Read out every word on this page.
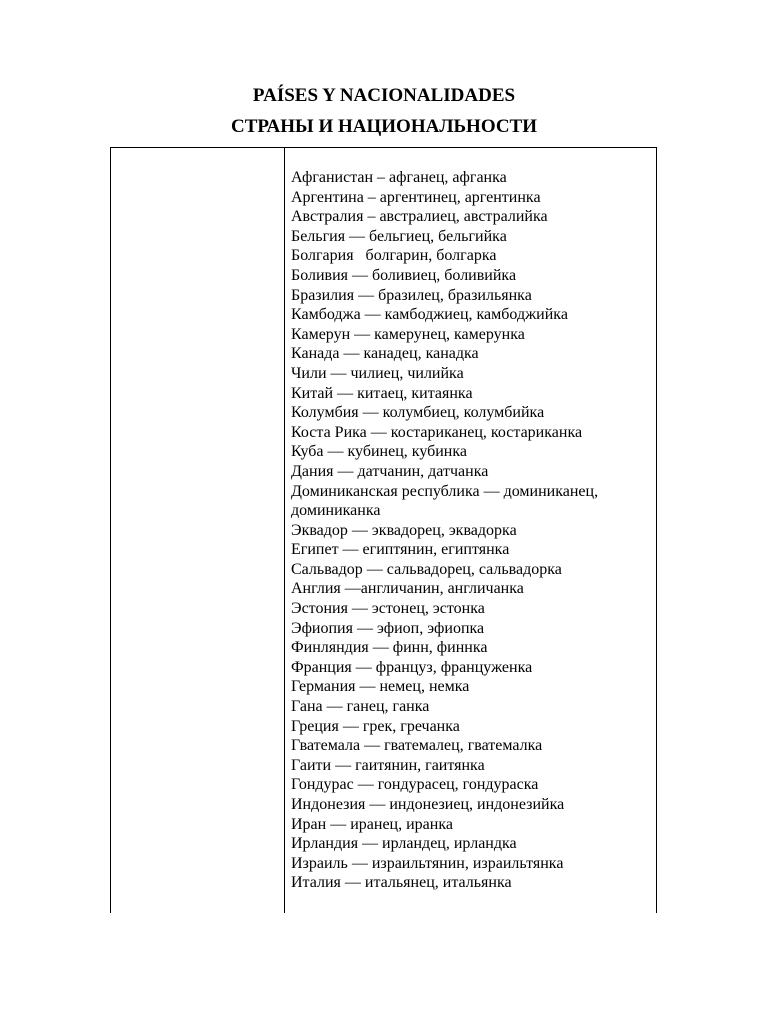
PAÍSES Y NACIONALIDADES
СТРАНЫ И НАЦИОНАЛЬНОСТИ

Афганистан – афганец, афганка

Аргентина – аргентинец, аргентинка

Австралия – австралиец, австралийка

Бельгия — бельгиец, бельгийка

Болгария   болгарин, болгарка

Боливия — боливиец, боливийка

Бразилия — бразилец, бразильянка

Камбоджа — камбоджиец, камбоджийка

Камерун — камерунец, камерунка

Канада — канадец, канадка

Чили — чилиец, чилийка

Китай — китаец, китаянка

Колумбия — колумбиец, колумбийка

Коста Рика — костариканец, костариканка

Куба — кубинец, кубинка

Дания — датчанин, датчанка

Доминиканская республика — доминиканец,

доминиканка

Эквадор — эквадорец, эквадорка

Египет — египтянин, египтянка

Сальвадор — сальвадорец, сальвадорка

Англия —англичанин, англичанка

Эстония — эстонец, эстонка

Эфиопия — эфиоп, эфиопка

Финляндия — финн, финнка

Франция — француз, француженка

Германия — немец, немка

Гана — ганец, ганка

Греция — грек, гречанка

Гватемала — гватемалец, гватемалка

Гаити — гаитянин, гаитянка

Гондурас — гондурасец, гондураска

Индонезия — индонезиец, индонезийка

Иран — иранец, иранка

Ирландия — ирландец, ирландка

Израиль — израильтянин, израильтянка

Италия — итальянец, итальянка
